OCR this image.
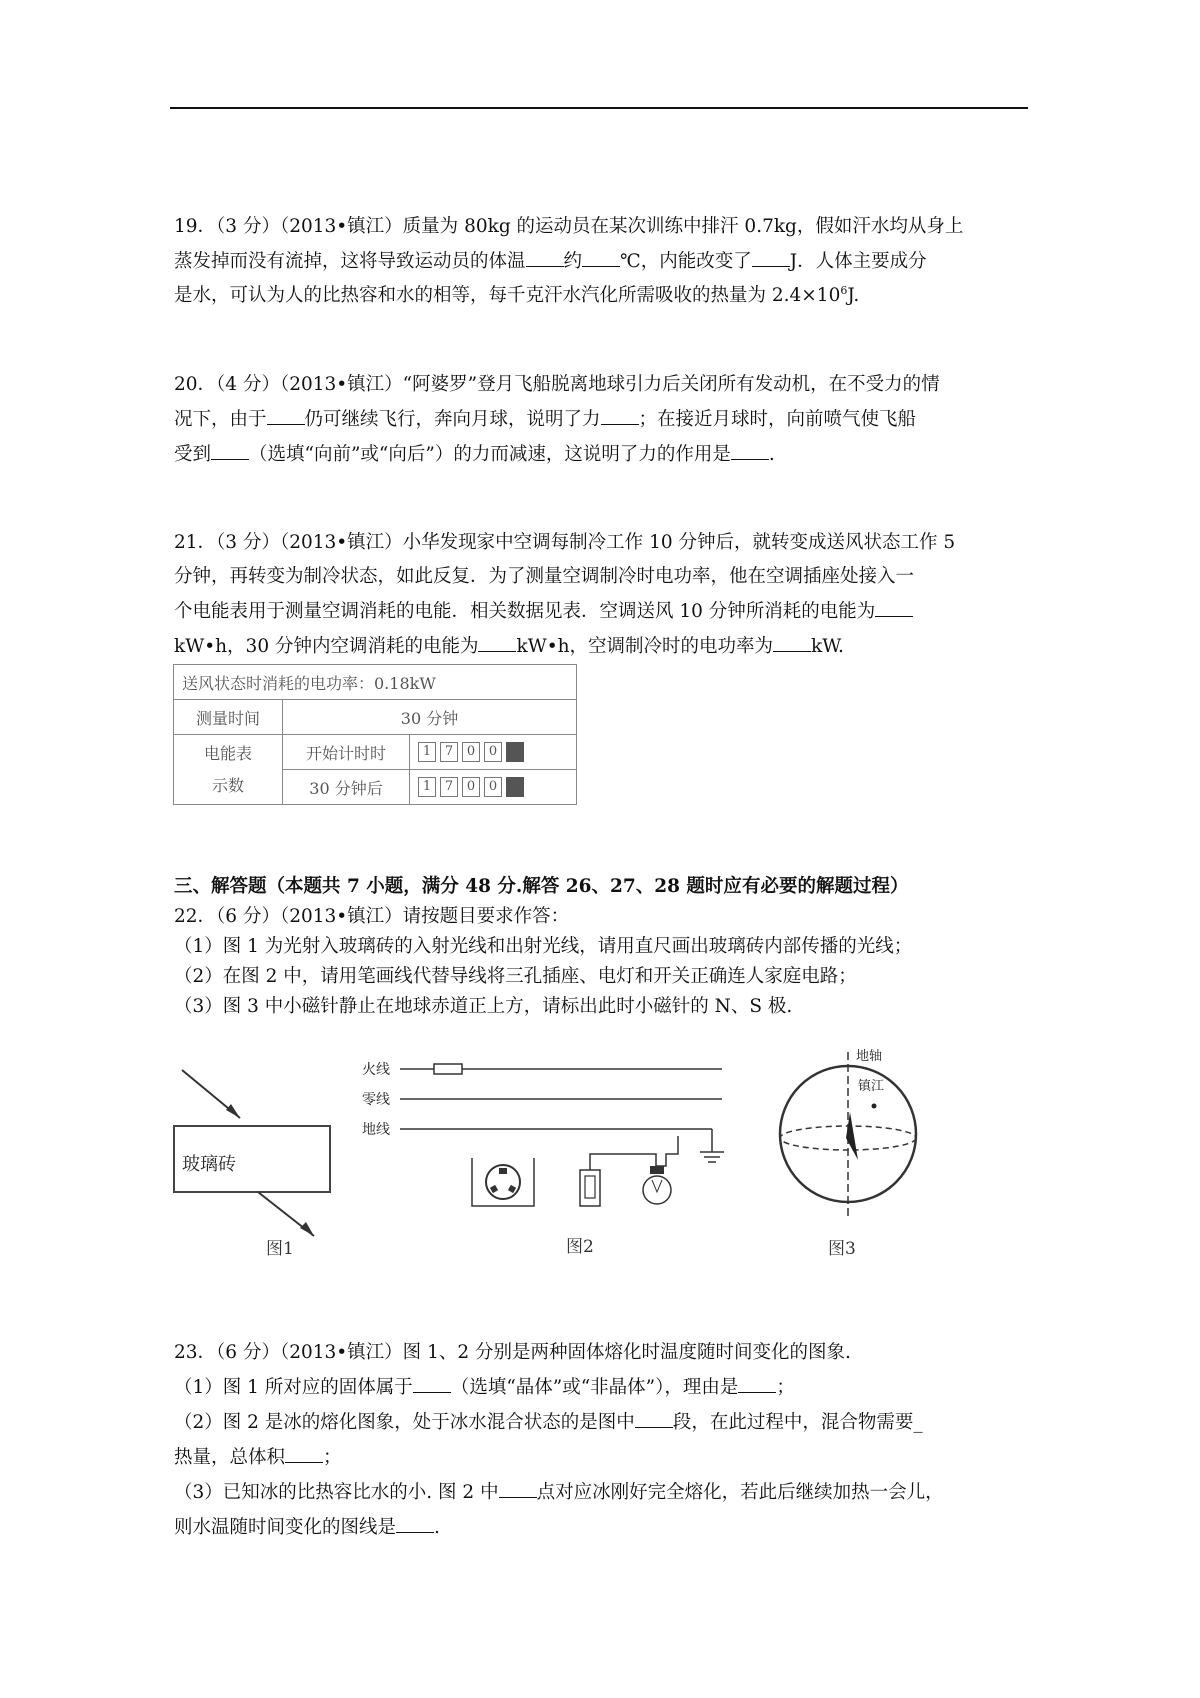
19．（3 分）（2013•镇江）质量为 80kg 的运动员在某次训练中排汗 0.7kg，假如汗水均从身上
蒸发掉而没有流掉，这将导致运动员的体温 约 ℃，内能改变了 J．人体主要成分
是水，可认为人的比热容和水的相等，每千克汗水汽化所需吸收的热量为 $2.4\times 10^6J$.
20．（4 分）（2013•镇江）“阿婆罗”登月飞船脱离地球引力后关闭所有发动机，在不受力的情
况下，由于 仍可继续飞行，奔向月球，说明了力 ；在接近月球时，向前喷气使飞船
受到 （选填“向前”或“向后”）的力而减速，这说明了力的作用是 .
21．（3 分）（2013•镇江）小华发现家中空调每制冷工作 10 分钟后，就转变成送风状态工作 5
分钟，再转变为制冷状态，如此反复．为了测量空调制冷时电功率，他在空调插座处接入一
个电能表用于测量空调消耗的电能．相关数据见表．空调送风 10 分钟所消耗的电能为
kW•h，30 分钟内空调消耗的电能为 kW•h，空调制冷时的电功率为 kW.
送风状态时消耗的电功率：0.18kW		
测量时间	30 分钟	

电能表
示数	开始计时时	1 7 0 0
	30 分钟后	1 7 0 0
三、解答题（本题共 7 小题，满分 48 分.解答 26、27、28 题时应有必要的解题过程）
22．（6 分）（2013•镇江）请按题目要求作答：
（1）图 1 为光射入玻璃砖的入射光线和出射光线，请用直尺画出玻璃砖内部传播的光线；
（2）在图 2 中，请用笔画线代替导线将三孔插座、电灯和开关正确连人家庭电路；
（3）图 3 中小磁针静止在地球赤道正上方，请标出此时小磁针的 N、S 极.
玻璃砖
图1
火线
零线
地线
图2
地轴
镇江
图3
23．（6 分）（2013•镇江）图 1、2 分别是两种固体熔化时温度随时间变化的图象.
（1）图 1 所对应的固体属于 （选填“晶体”或“非晶体”），理由是 ；
（2）图 2 是冰的熔化图象，处于冰水混合状态的是图中 段，在此过程中，混合物需要_
热量，总体积 ；
（3）已知冰的比热容比水的小. 图 2 中 点对应冰刚好完全熔化，若此后继续加热一会儿，
则水温随时间变化的图线是 .
